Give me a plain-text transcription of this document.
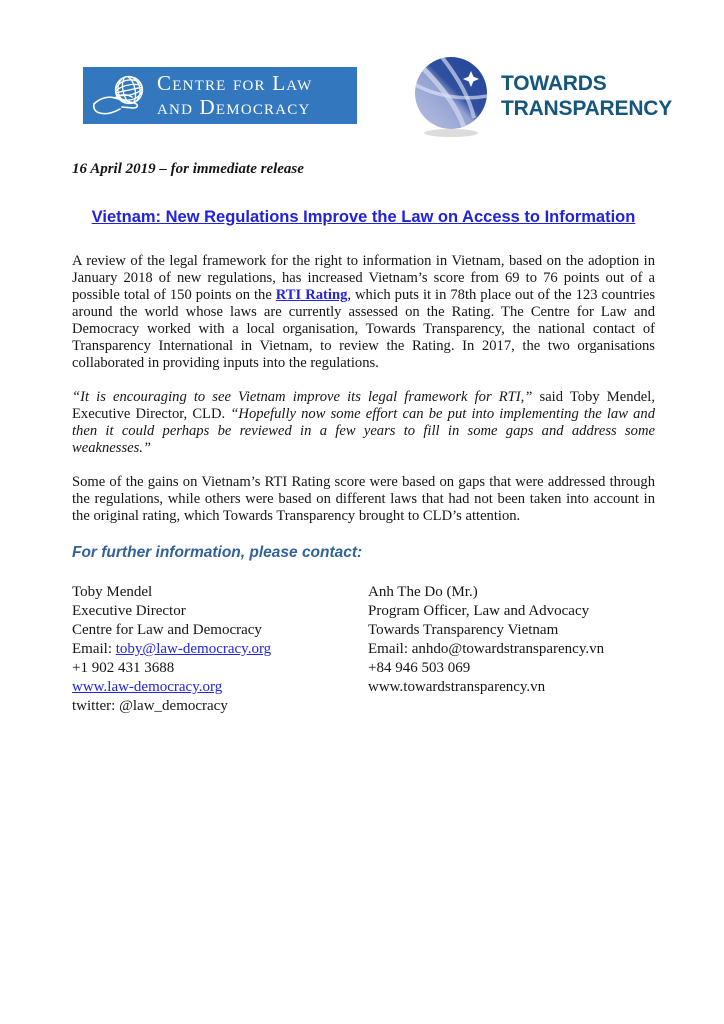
Centre for Law
and Democracy
TOWARDS
TRANSPARENCY

16 April 2019 – for immediate release

Vietnam: New Regulations Improve the Law on Access to Information

A review of the legal framework for the right to information in Vietnam, based on the adoption in January 2018 of new regulations, has increased Vietnam’s score from 69 to 76 points out of a possible total of 150 points on the RTI Rating, which puts it in 78th place out of the 123 countries around the world whose laws are currently assessed on the Rating. The Centre for Law and Democracy worked with a local organisation, Towards Transparency, the national contact of Transparency International in Vietnam, to review the Rating. In 2017, the two organisations collaborated in providing inputs into the regulations.

“It is encouraging to see Vietnam improve its legal framework for RTI,” said Toby Mendel, Executive Director, CLD. “Hopefully now some effort can be put into implementing the law and then it could perhaps be reviewed in a few years to fill in some gaps and address some weaknesses.”

Some of the gains on Vietnam’s RTI Rating score were based on gaps that were addressed through the regulations, while others were based on different laws that had not been taken into account in the original rating, which Towards Transparency brought to CLD’s attention.

For further information, please contact:

Toby Mendel
Executive Director
Centre for Law and Democracy
Email: toby@law-democracy.org
+1 902 431 3688
www.law-democracy.org
twitter: @law_democracy
Anh The Do (Mr.)
Program Officer, Law and Advocacy
Towards Transparency Vietnam
Email: anhdo@towardstransparency.vn
+84 946 503 069
www.towardstransparency.vn
